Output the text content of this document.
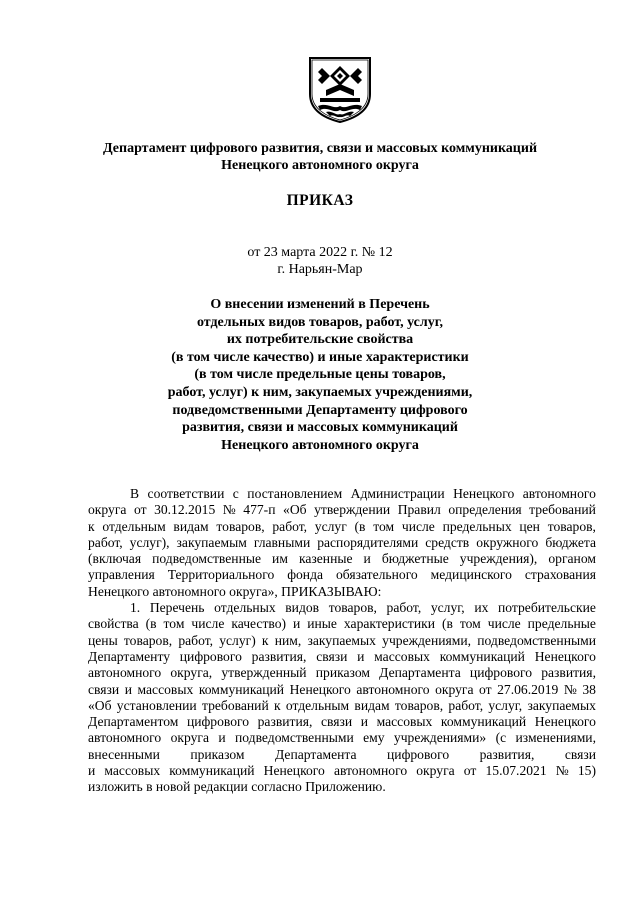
Департамент цифрового развития, связи и массовых коммуникаций
Ненецкого автономного округа
ПРИКАЗ
от 23 марта 2022 г. № 12
г. Нарьян-Мар
О внесении изменений в Перечень
отдельных видов товаров, работ, услуг,
их потребительские свойства
(в том числе качество) и иные характеристики
(в том числе предельные цены товаров,
работ, услуг) к ним, закупаемых учреждениями,
подведомственными Департаменту цифрового
развития, связи и массовых коммуникаций
Ненецкого автономного округа
В соответствии с постановлением Администрации Ненецкого автономного
округа от 30.12.2015 № 477-п «Об утверждении Правил определения требований
к отдельным видам товаров, работ, услуг (в том числе предельных цен товаров,
работ, услуг), закупаемым главными распорядителями средств окружного бюджета
(включая подведомственные им казенные и бюджетные учреждения), органом
управления Территориального фонда обязательного медицинского страхования
Ненецкого автономного округа», ПРИКАЗЫВАЮ:
1. Перечень отдельных видов товаров, работ, услуг, их потребительские
свойства (в том числе качество) и иные характеристики (в том числе предельные
цены товаров, работ, услуг) к ним, закупаемых учреждениями, подведомственными
Департаменту цифрового развития, связи и массовых коммуникаций Ненецкого
автономного округа, утвержденный приказом Департамента цифрового развития,
связи и массовых коммуникаций Ненецкого автономного округа от 27.06.2019 № 38
«Об установлении требований к отдельным видам товаров, работ, услуг, закупаемых
Департаментом цифрового развития, связи и массовых коммуникаций Ненецкого
автономного округа и подведомственными ему учреждениями» (с изменениями,
внесенными приказом Департамента цифрового развития, связи
и массовых коммуникаций Ненецкого автономного округа от 15.07.2021 № 15)
изложить в новой редакции согласно Приложению.
